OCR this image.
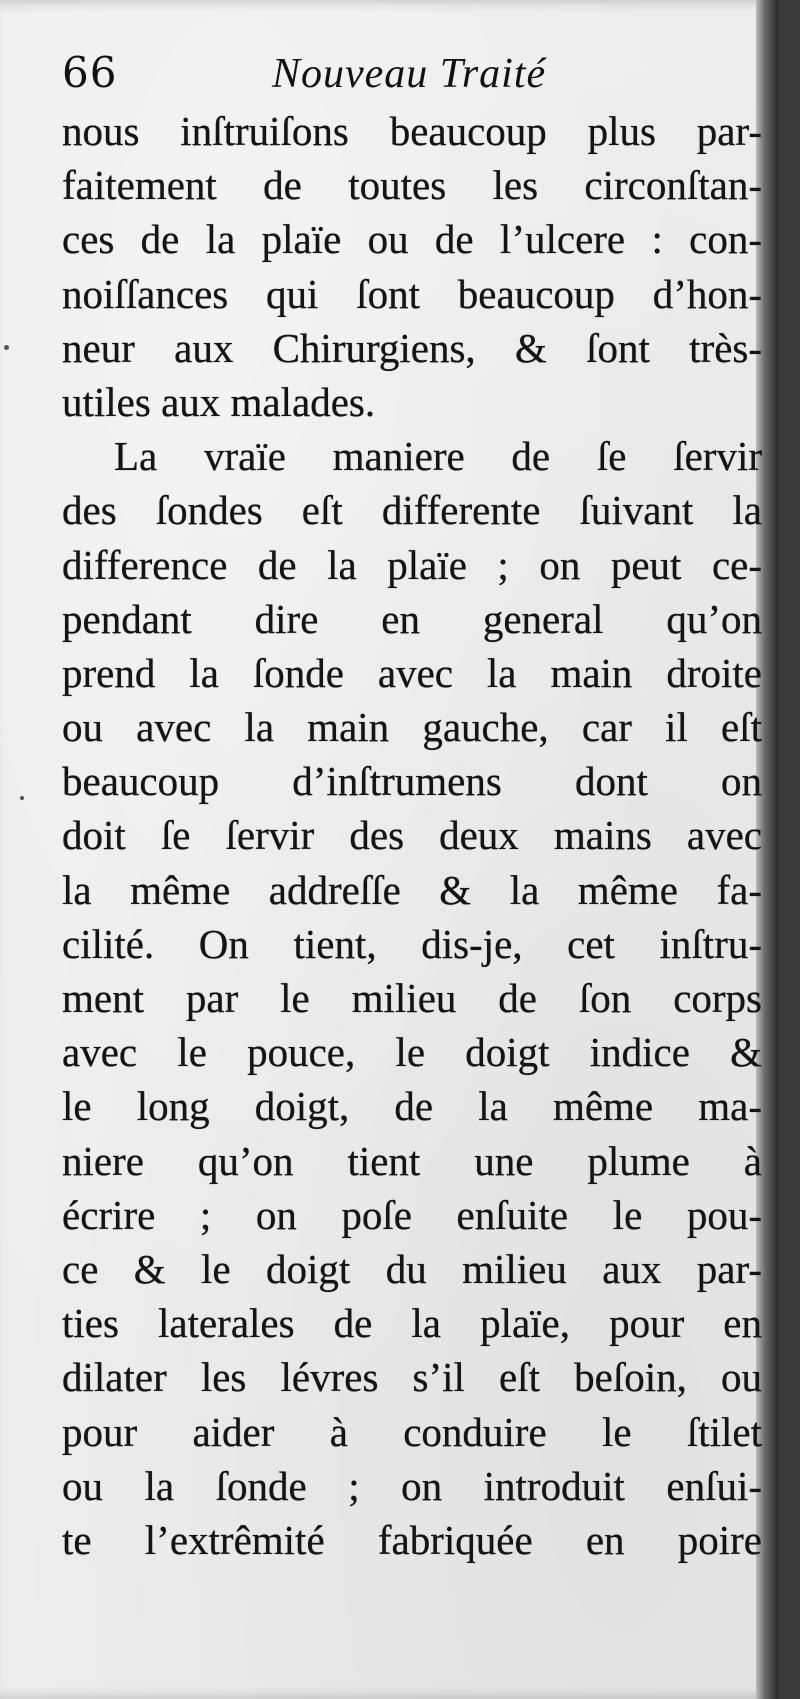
66	Nouveau Traité
nous inſtruiſons beaucoup plus par-
faitement de toutes les circonſtan-
ces de la plaïe ou de l’ulcere : con-
noiſſances qui ſont beaucoup d’hon-
neur aux Chirurgiens, & ſont très-
utiles aux malades.
La vraïe maniere de ſe ſervir
des ſondes eſt differente ſuivant la
difference de la plaïe ; on peut ce-
pendant dire en general qu’on
prend la ſonde avec la main droite
ou avec la main gauche, car il eſt
beaucoup d’inſtrumens dont on
doit ſe ſervir des deux mains avec
la même addreſſe & la même fa-
cilité. On tient, dis-je, cet inſtru-
ment par le milieu de ſon corps
avec le pouce, le doigt indice &
le long doigt, de la même ma-
niere qu’on tient une plume à
écrire ; on poſe enſuite le pou-
ce & le doigt du milieu aux par-
ties laterales de la plaïe, pour en
dilater les lévres s’il eſt beſoin, ou
pour aider à conduire le ſtilet
ou la ſonde ; on introduit enſui-
te l’extrêmité fabriquée en poire
